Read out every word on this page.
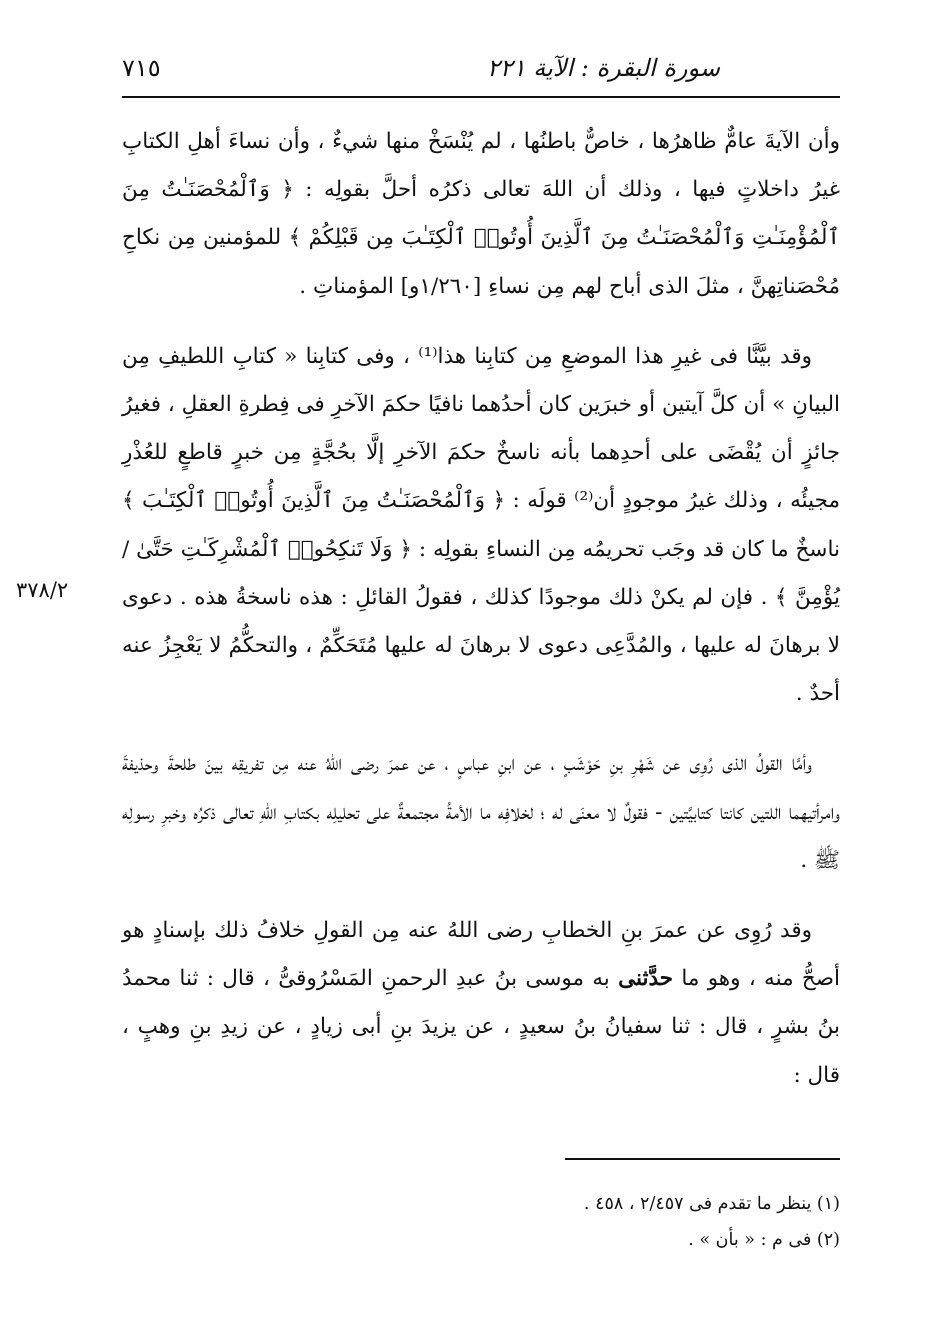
سورة البقرة : الآية ٢٢١
٧١٥
٣٧٨/٢

وأن الآيةَ عامٌّ ظاهرُها ، خاصٌّ باطنُها ، لم يُنْسَخْ منها شيءٌ ، وأن نساءَ أهلِ الكتابِ غيرُ داخلاتٍ فيها ، وذلك أن اللهَ تعالى ذكرُه أحلَّ بقولِه : ﴿ وَٱلْمُحْصَنَـٰتُ مِنَ ٱلْمُؤْمِنَـٰتِ وَٱلْمُحْصَنَـٰتُ مِنَ ٱلَّذِينَ أُوتُوا۟ ٱلْكِتَـٰبَ مِن قَبْلِكُمْ ﴾ للمؤمنين مِن نكاحِ مُحْصَناتِهنَّ ، مثلَ الذى أباح لهم مِن نساءِ [١/٢٦٠و] المؤمناتِ .

وقد بيَّنَّا فى غيرِ هذا الموضعِ مِن كتابِنا هذا⁽¹⁾ ، وفى كتابِنا « كتابِ اللطيفِ مِن البيانِ » أن كلَّ آيتين أو خبرَين كان أحدُهما نافيًا حكمَ الآخرِ فى فِطرةِ العقلِ ، فغيرُ جائزٍ أن يُقْضَى على أحدِهما بأنه ناسخٌ حكمَ الآخرِ إلَّا بحُجَّةٍ مِن خبرٍ قاطعٍ للعُذْرِ مجيئُه ، وذلك غيرُ موجودٍ أن⁽²⁾ قولَه : ﴿ وَٱلْمُحْصَنَـٰتُ مِنَ ٱلَّذِينَ أُوتُوا۟ ٱلْكِتَـٰبَ ﴾ ناسخٌ ما كان قد وجَب تحريمُه مِن النساءِ بقولِه : ﴿ وَلَا تَنكِحُوا۟ ٱلْمُشْرِكَـٰتِ حَتَّىٰ / يُؤْمِنَّ ﴾ . فإن لم يكنْ ذلك موجودًا كذلك ، فقولُ القائلِ : هذه ناسخةُ هذه . دعوى لا برهانَ له عليها ، والمُدَّعِى دعوى لا برهانَ له عليها مُتَحَكِّمٌ ، والتحكُّمُ لا يَعْجِزُ عنه أحدٌ .

وأمَّا القولُ الذى رُوِى عن شَهْرِ بنِ حَوْشَبٍ ، عن ابنِ عباسٍ ، عن عمرَ رضى اللهُ عنه مِن تفريقِه بينَ طلحةَ وحذيفةَ وامرأتيهما اللتين كانتا كتابيَّتين - فقولٌ لا معنَى له ؛ لخلافِه ما الأمةُ مجتمعةٌ على تحليلِه بكتابِ اللهِ تعالى ذكرُه وخبرِ رسولِه ﷺ .

وقد رُوِى عن عمرَ بنِ الخطابِ رضى اللهُ عنه مِن القولِ خلافُ ذلك بإسنادٍ هو أصحُّ منه ، وهو ما حدَّثنى به موسى بنُ عبدِ الرحمنِ المَسْرُوقىُّ ، قال : ثنا محمدُ بنُ بشرٍ ، قال : ثنا سفيانُ بنُ سعيدٍ ، عن يزيدَ بنِ أبى زيادٍ ، عن زيدِ بنِ وهبٍ ، قال :

(١) ينظر ما تقدم فى ٢/٤٥٧ ، ٤٥٨ .
(٢) فى م : « بأن » .
